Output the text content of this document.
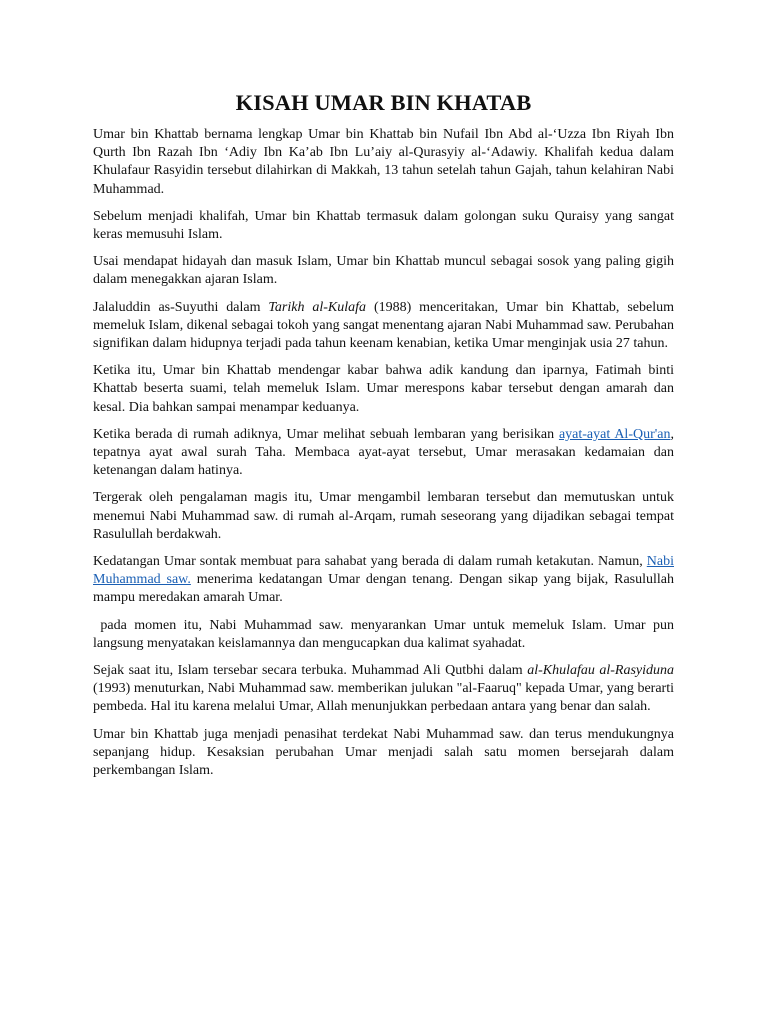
KISAH UMAR BIN KHATAB

Umar bin Khattab bernama lengkap Umar bin Khattab bin Nufail Ibn Abd al-‘Uzza Ibn Riyah Ibn Qurth Ibn Razah Ibn ‘Adiy Ibn Ka’ab Ibn Lu’aiy al-Qurasyiy al-‘Adawiy. Khalifah kedua dalam Khulafaur Rasyidin tersebut dilahirkan di Makkah, 13 tahun setelah tahun Gajah, tahun kelahiran Nabi Muhammad.

Sebelum menjadi khalifah, Umar bin Khattab termasuk dalam golongan suku Quraisy yang sangat keras memusuhi Islam.

Usai mendapat hidayah dan masuk Islam, Umar bin Khattab muncul sebagai sosok yang paling gigih dalam menegakkan ajaran Islam.

Jalaluddin as-Suyuthi dalam Tarikh al-Kulafa (1988) menceritakan, Umar bin Khattab, sebelum memeluk Islam, dikenal sebagai tokoh yang sangat menentang ajaran Nabi Muhammad saw. Perubahan signifikan dalam hidupnya terjadi pada tahun keenam kenabian, ketika Umar menginjak usia 27 tahun.

Ketika itu, Umar bin Khattab mendengar kabar bahwa adik kandung dan iparnya, Fatimah binti Khattab beserta suami, telah memeluk Islam. Umar merespons kabar tersebut dengan amarah dan kesal. Dia bahkan sampai menampar keduanya.

Ketika berada di rumah adiknya, Umar melihat sebuah lembaran yang berisikan ayat-ayat Al-Qur'an, tepatnya ayat awal surah Taha. Membaca ayat-ayat tersebut, Umar merasakan kedamaian dan ketenangan dalam hatinya.

Tergerak oleh pengalaman magis itu, Umar mengambil lembaran tersebut dan memutuskan untuk menemui Nabi Muhammad saw. di rumah al-Arqam, rumah seseorang yang dijadikan sebagai tempat Rasulullah berdakwah.

Kedatangan Umar sontak membuat para sahabat yang berada di dalam rumah ketakutan. Namun, Nabi Muhammad saw. menerima kedatangan Umar dengan tenang. Dengan sikap yang bijak, Rasulullah mampu meredakan amarah Umar.

pada momen itu, Nabi Muhammad saw. menyarankan Umar untuk memeluk Islam. Umar pun langsung menyatakan keislamannya dan mengucapkan dua kalimat syahadat.

Sejak saat itu, Islam tersebar secara terbuka. Muhammad Ali Qutbhi dalam al-Khulafau al-Rasyiduna (1993) menuturkan, Nabi Muhammad saw. memberikan julukan "al-Faaruq" kepada Umar, yang berarti pembeda. Hal itu karena melalui Umar, Allah menunjukkan perbedaan antara yang benar dan salah.

Umar bin Khattab juga menjadi penasihat terdekat Nabi Muhammad saw. dan terus mendukungnya sepanjang hidup. Kesaksian perubahan Umar menjadi salah satu momen bersejarah dalam perkembangan Islam.
